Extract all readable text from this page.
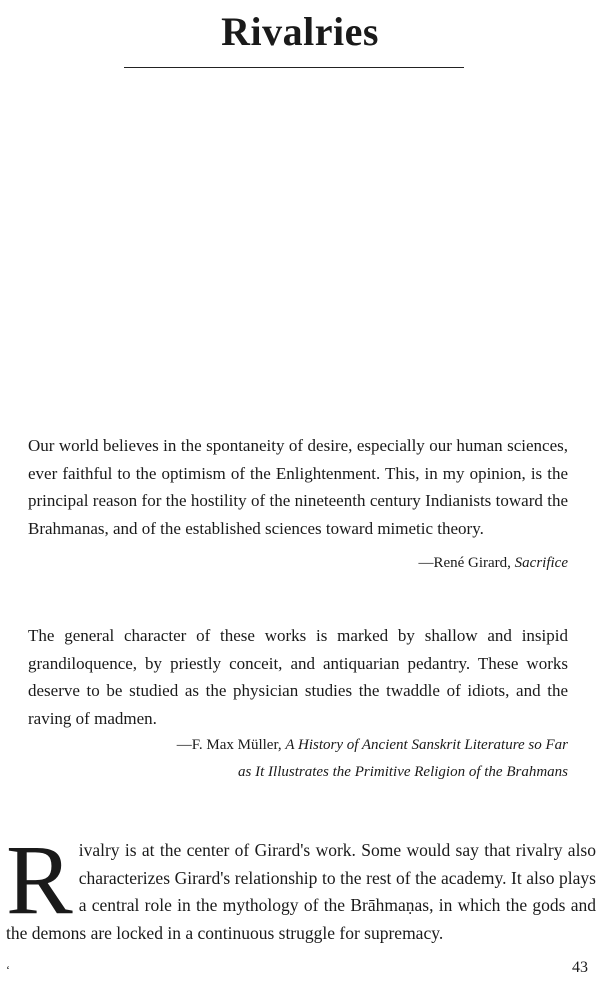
Rivalries

Our world believes in the spontaneity of desire, especially our human sciences, ever faithful to the optimism of the Enlightenment. This, in my opinion, is the principal reason for the hostility of the nineteenth century Indianists toward the Brahmanas, and of the established sciences toward mimetic theory.

—René Girard, Sacrifice

The general character of these works is marked by shallow and insipid grandiloquence, by priestly conceit, and antiquarian pedantry. These works deserve to be studied as the physician studies the twaddle of idiots, and the raving of madmen.

—F. Max Müller, A History of Ancient Sanskrit Literature so Far
as It Illustrates the Primitive Religion of the Brahmans

Rivalry is at the center of Girard's work. Some would say that rivalry also characterizes Girard's relationship to the rest of the academy. It also plays a central role in the mythology of the Brāhmaṇas, in which the gods and the demons are locked in a continuous struggle for supremacy.

ʻ	43
